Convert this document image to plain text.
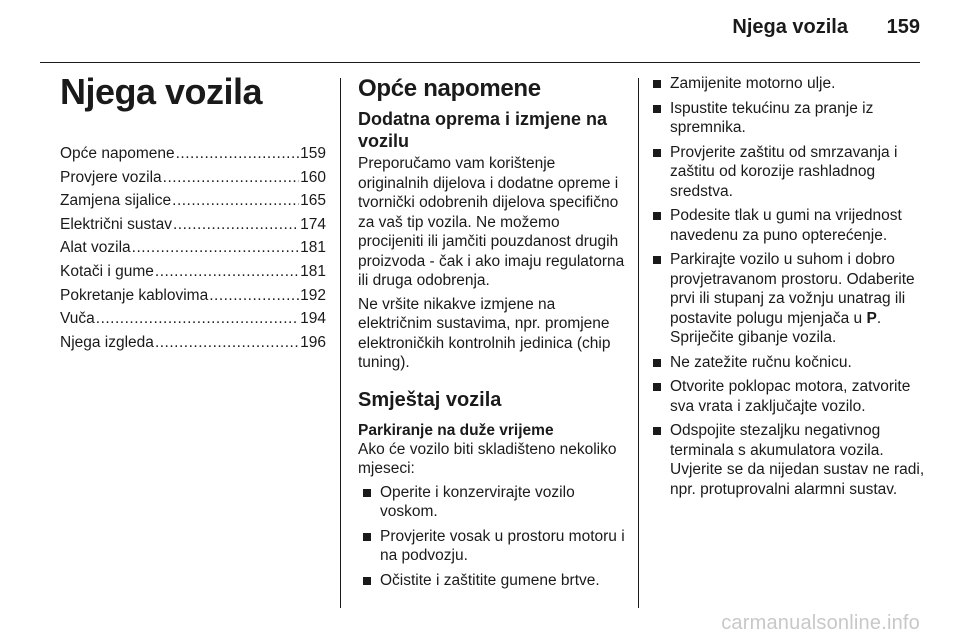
Njega vozila 159
Njega vozila
Opće napomene .....	159
Provjere vozila .....	160
Zamjena sijalice .....	165
Električni sustav .....	174
Alat vozila .....	181
Kotači i gume .....	181
Pokretanje kablovima .....	192
Vuča .....	194
Njega izgleda .....	196
Opće napomene
Dodatna oprema i izmjene na vozilu

Preporučamo vam korištenje originalnih dijelova i dodatne opreme i tvornički odobrenih dijelova specifično za vaš tip vozila. Ne možemo procijeniti ili jamčiti pouzdanost drugih proizvoda - čak i ako imaju regulatorna ili druga odobrenja.

Ne vršite nikakve izmjene na električnim sustavima, npr. promjene elektroničkih kontrolnih jedinica (chip tuning).

Smještaj vozila
Parkiranje na duže vrijeme

Ako će vozilo biti skladišteno nekoliko mjeseci:

Operite i konzervirajte vozilo voskom.
Provjerite vosak u prostoru motoru i na podvozju.
Očistite i zaštitite gumene brtve.
Zamijenite motorno ulje.
Ispustite tekućinu za pranje iz spremnika.
Provjerite zaštitu od smrzavanja i zaštitu od korozije rashladnog sredstva.
Podesite tlak u gumi na vrijednost navedenu za puno opterećenje.
Parkirajte vozilo u suhom i dobro provjetravanom prostoru. Odaberite prvi ili stupanj za vožnju unatrag ili postavite polugu mjenjača u P. Spriječite gibanje vozila.
Ne zatežite ručnu kočnicu.
Otvorite poklopac motora, zatvorite sva vrata i zaključajte vozilo.
Odspojite stezaljku negativnog terminala s akumulatora vozila. Uvjerite se da nijedan sustav ne radi, npr. protuprovalni alarmni sustav.
carmanualsonline.info
